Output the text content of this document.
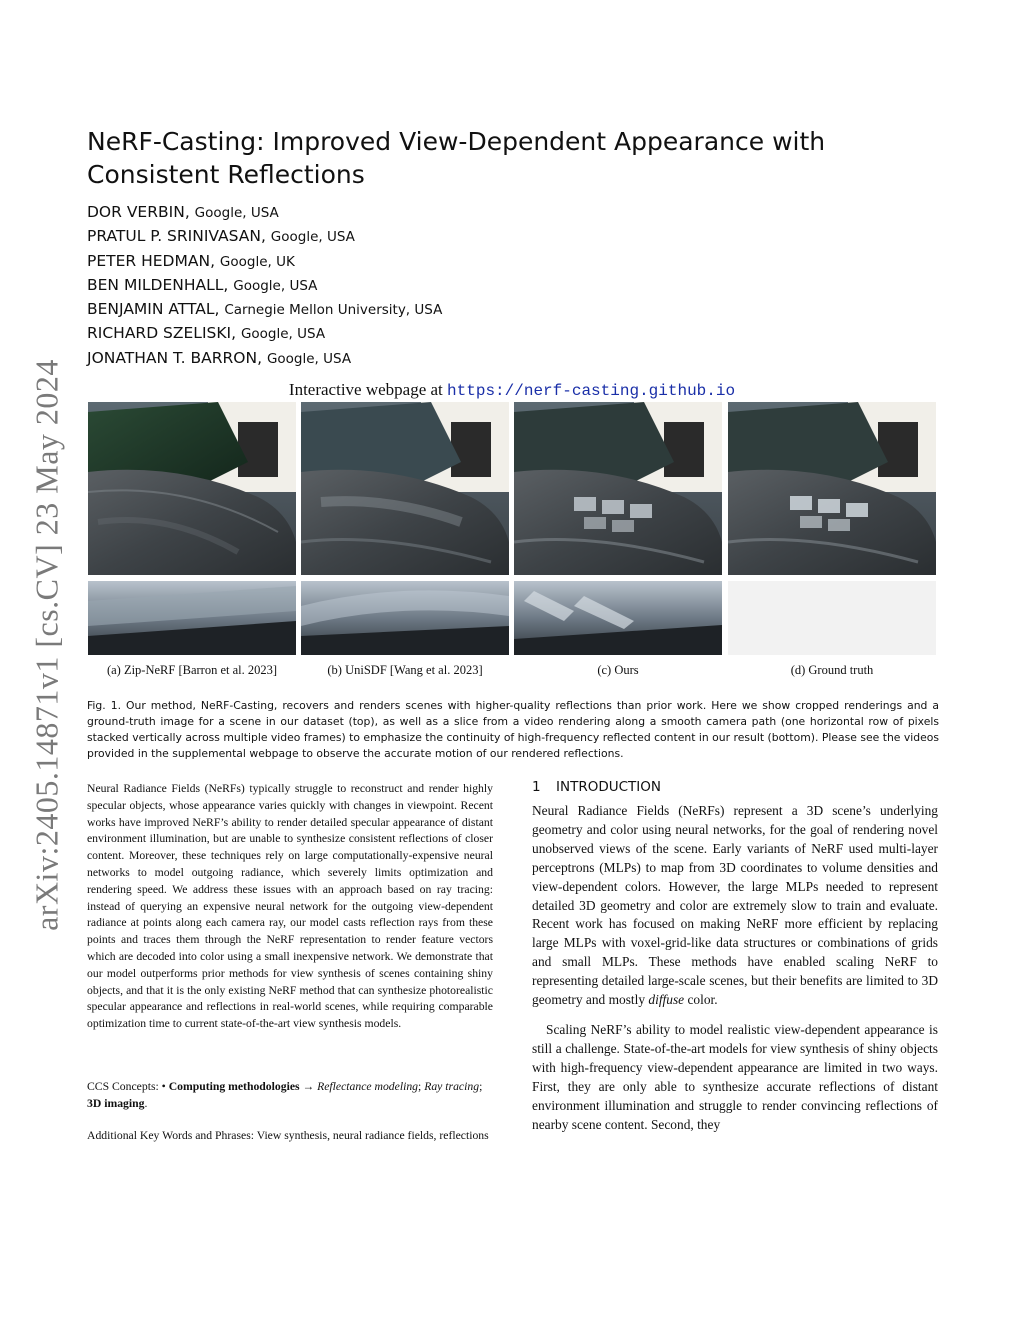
arXiv:2405.14871v1 [cs.CV] 23 May 2024
NeRF-Casting: Improved View-Dependent Appearance with Consistent Reflections
DOR VERBIN, Google, USA
PRATUL P. SRINIVASAN, Google, USA
PETER HEDMAN, Google, UK
BEN MILDENHALL, Google, USA
BENJAMIN ATTAL, Carnegie Mellon University, USA
RICHARD SZELISKI, Google, USA
JONATHAN T. BARRON, Google, USA
Interactive webpage at https://nerf-casting.github.io
(a) Zip-NeRF [Barron et al. 2023]	(b) UniSDF [Wang et al. 2023]	(c) Ours	(d) Ground truth

Fig. 1. Our method, NeRF-Casting, recovers and renders scenes with higher-quality reflections than prior work. Here we show cropped renderings and a ground-truth image for a scene in our dataset (top), as well as a slice from a video rendering along a smooth camera path (one horizontal row of pixels stacked vertically across multiple video frames) to emphasize the continuity of high-frequency reflected content in our result (bottom). Please see the videos provided in the supplemental webpage to observe the accurate motion of our rendered reflections.

Neural Radiance Fields (NeRFs) typically struggle to reconstruct and render highly specular objects, whose appearance varies quickly with changes in viewpoint. Recent works have improved NeRF’s ability to render detailed specular appearance of distant environment illumination, but are unable to synthesize consistent reflections of closer content. Moreover, these techniques rely on large computationally-expensive neural networks to model outgoing radiance, which severely limits optimization and rendering speed. We address these issues with an approach based on ray tracing: instead of querying an expensive neural network for the outgoing view-dependent radiance at points along each camera ray, our model casts reflection rays from these points and traces them through the NeRF representation to render feature vectors which are decoded into color using a small inexpensive network. We demonstrate that our model outperforms prior methods for view synthesis of scenes containing shiny objects, and that it is the only existing NeRF method that can synthesize photorealistic specular appearance and reflections in real-world scenes, while requiring comparable optimization time to current state-of-the-art view synthesis models.

CCS Concepts: • Computing methodologies → Reflectance modeling; Ray tracing; 3D imaging.

Additional Key Words and Phrases: View synthesis, neural radiance fields, reflections

1 INTRODUCTION

Neural Radiance Fields (NeRFs) represent a 3D scene’s underlying geometry and color using neural networks, for the goal of rendering novel unobserved views of the scene. Early variants of NeRF used multi-layer perceptrons (MLPs) to map from 3D coordinates to volume densities and view-dependent colors. However, the large MLPs needed to represent detailed 3D geometry and color are extremely slow to train and evaluate. Recent work has focused on making NeRF more efficient by replacing large MLPs with voxel-grid-like data structures or combinations of grids and small MLPs. These methods have enabled scaling NeRF to representing detailed large-scale scenes, but their benefits are limited to 3D geometry and mostly diffuse color.

Scaling NeRF’s ability to model realistic view-dependent appearance is still a challenge. State-of-the-art models for view synthesis of shiny objects with high-frequency view-dependent appearance are limited in two ways. First, they are only able to synthesize accurate reflections of distant environment illumination and struggle to render convincing reflections of nearby scene content. Second, they
